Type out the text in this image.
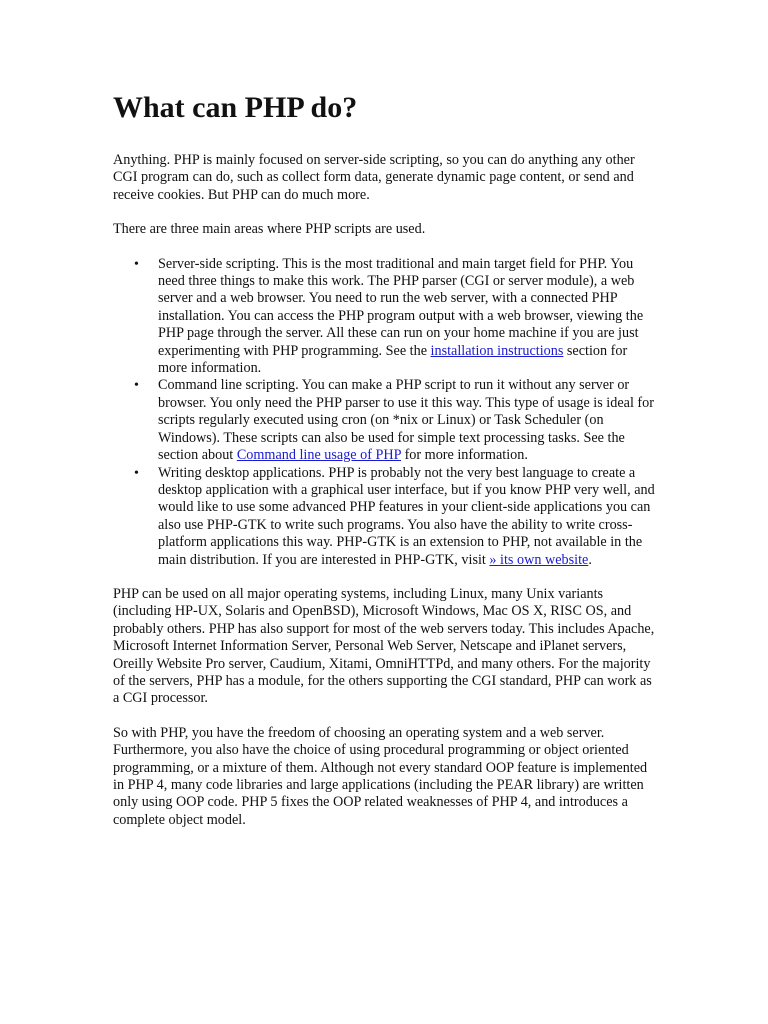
What can PHP do?

Anything. PHP is mainly focused on server-side scripting, so you can do anything any other CGI program can do, such as collect form data, generate dynamic page content, or send and receive cookies. But PHP can do much more.

There are three main areas where PHP scripts are used.

• Server-side scripting. This is the most traditional and main target field for PHP. You need three things to make this work. The PHP parser (CGI or server module), a web server and a web browser. You need to run the web server, with a connected PHP installation. You can access the PHP program output with a web browser, viewing the PHP page through the server. All these can run on your home machine if you are just experimenting with PHP programming. See the installation instructions section for more information.
• Command line scripting. You can make a PHP script to run it without any server or browser. You only need the PHP parser to use it this way. This type of usage is ideal for scripts regularly executed using cron (on *nix or Linux) or Task Scheduler (on Windows). These scripts can also be used for simple text processing tasks. See the section about Command line usage of PHP for more information.
• Writing desktop applications. PHP is probably not the very best language to create a desktop application with a graphical user interface, but if you know PHP very well, and would like to use some advanced PHP features in your client-side applications you can also use PHP-GTK to write such programs. You also have the ability to write cross-platform applications this way. PHP-GTK is an extension to PHP, not available in the main distribution. If you are interested in PHP-GTK, visit » its own website.

PHP can be used on all major operating systems, including Linux, many Unix variants (including HP-UX, Solaris and OpenBSD), Microsoft Windows, Mac OS X, RISC OS, and probably others. PHP has also support for most of the web servers today. This includes Apache, Microsoft Internet Information Server, Personal Web Server, Netscape and iPlanet servers, Oreilly Website Pro server, Caudium, Xitami, OmniHTTPd, and many others. For the majority of the servers, PHP has a module, for the others supporting the CGI standard, PHP can work as a CGI processor.

So with PHP, you have the freedom of choosing an operating system and a web server. Furthermore, you also have the choice of using procedural programming or object oriented programming, or a mixture of them. Although not every standard OOP feature is implemented in PHP 4, many code libraries and large applications (including the PEAR library) are written only using OOP code. PHP 5 fixes the OOP related weaknesses of PHP 4, and introduces a complete object model.
